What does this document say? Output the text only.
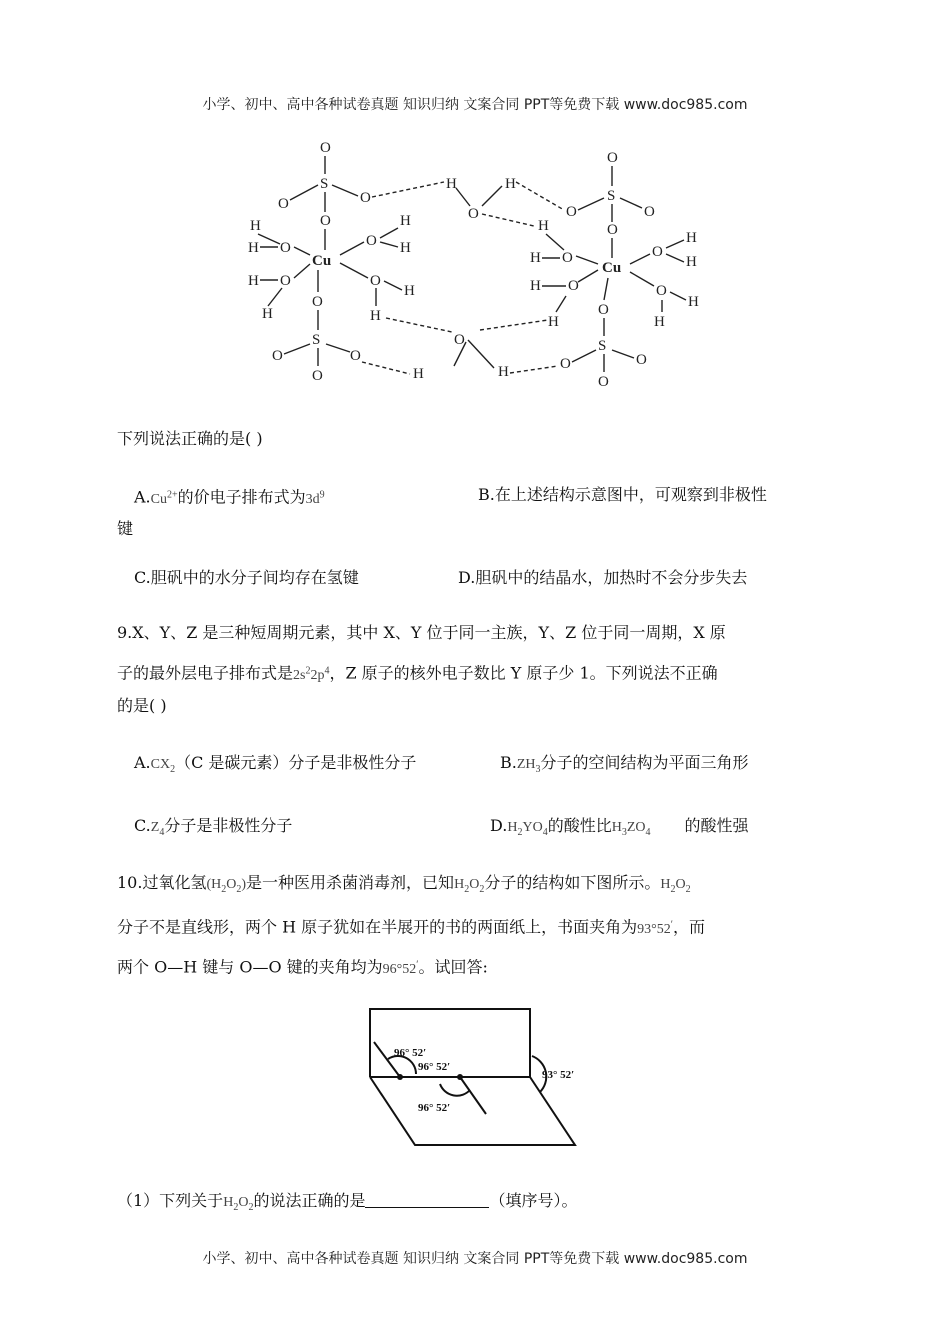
小学、初中、高中各种试卷真题 知识归纳 文案合同 PPT等免费下载 www.doc985.com
O
S
O	O
O
Cu
H
H O
H O
H
O
H
H
O
H
H
O
S
O	O
O	H
H	H
O
O
H
O
S
O	O
O
Cu
H
H O
H O
H
O
H
H
O
H
H
O
S
O	O
O
下列说法正确的是( )
$A.Cu^{2+}$的价电子排布式为$3d^9$	B.在上述结构示意图中，可观察到非极性
键
C.胆矾中的水分子间均存在氢键	D.胆矾中的结晶水，加热时不会分步失去
9.X、Y、Z 是三种短周期元素，其中 X、Y 位于同一主族，Y、Z 位于同一周期，X 原
子的最外层电子排布式是$2s^22p^4$，Z 原子的核外电子数比 Y 原子少 1。下列说法不正确
的是( )
$A.CX_2(C$ 是碳元素）分子是非极性分子	$B.ZH_3$分子的空间结构为平面三角形
$C.Z_4$分子是非极性分子	$D.H_2YO_4$的酸性比$H_3ZO_4$ 的酸性强
10.过氧化氢$(H_2O_2)$是一种医用杀菌消毒剂，已知$H_2O_2$分子的结构如下图所示。$H_2O_2$
分子不是直线形，两个 H 原子犹如在半展开的书的两面纸上，书面夹角为93°52′，而
两个 O—H 键与 O—O 键的夹角均为96°52′。试回答:
96° 52′
96° 52′
96° 52′
93° 52′
（1）下列关于$H_2O_2$的说法正确的是	（填序号）。
小学、初中、高中各种试卷真题 知识归纳 文案合同 PPT等免费下载 www.doc985.com
